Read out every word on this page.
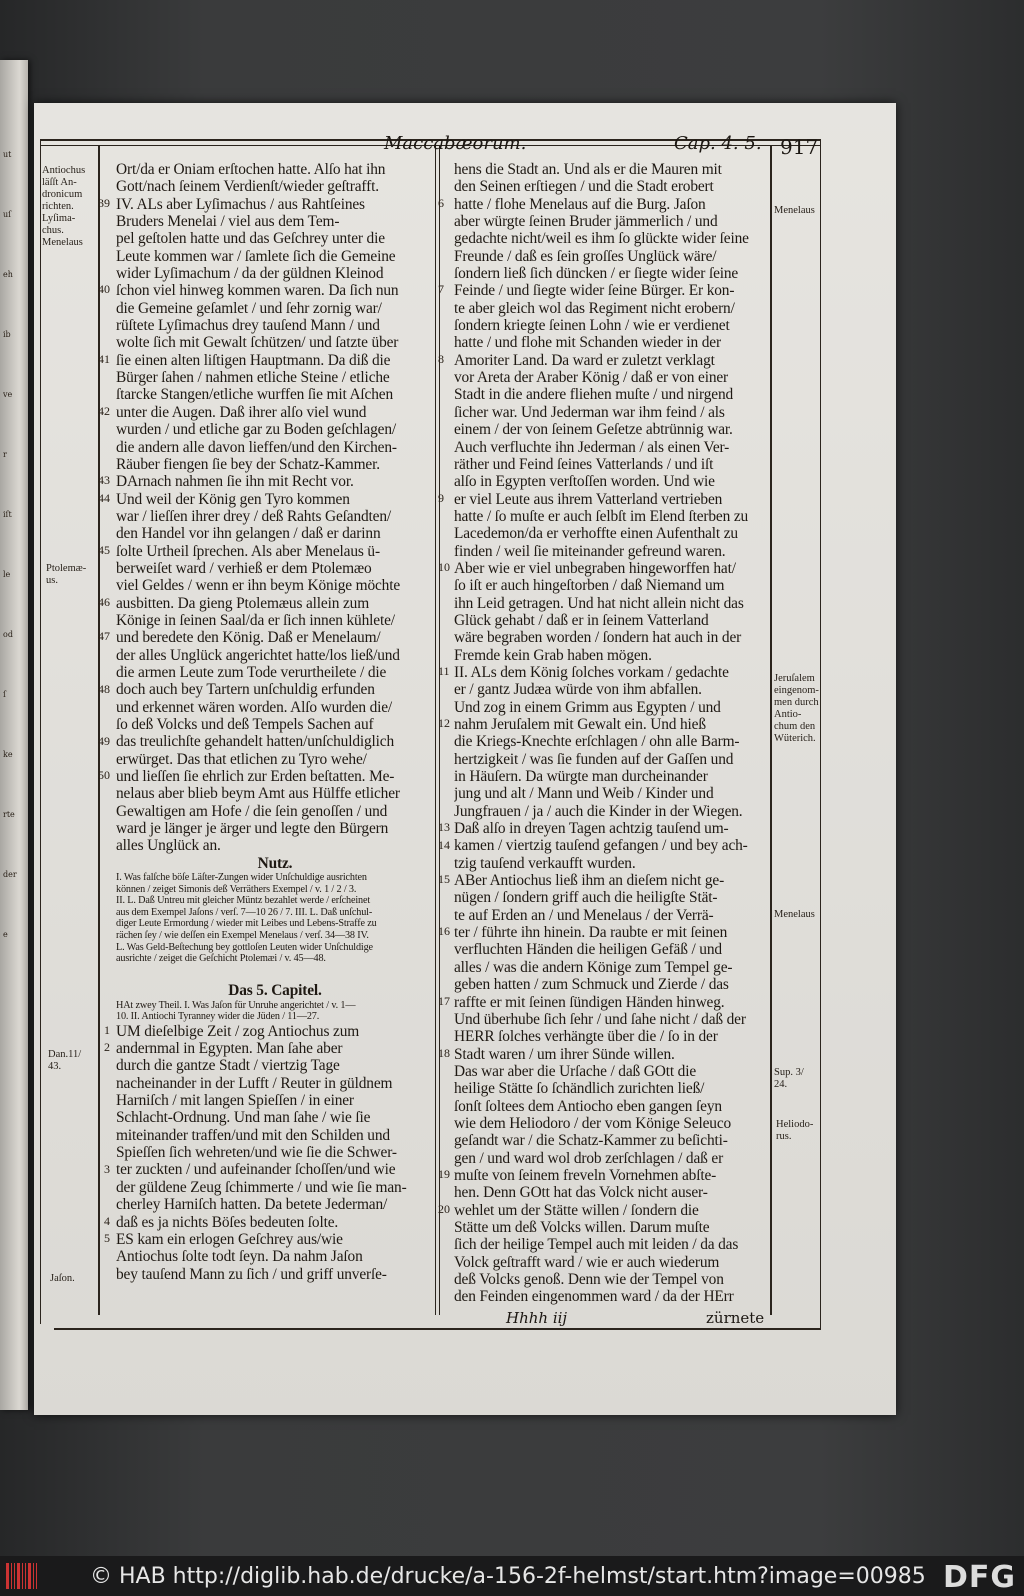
ut
uſ
eh
ib
ve
r
iſt
le
od
ſ
ke
rte
der
e
Maccabæorum.	Cap. 4. 5. 917
Antiochus
läſſt An-
dronicum
richten.
Lyſima-
chus.
Menelaus
Ptolemæ-
us.
Dan.11/
43.
Jaſon.
Menelaus
Jeruſalem
eingenom-
men durch
Antio-
chum den
Wüterich.
Menelaus
Sup. 3/
24.
Heliodo-
rus.
39
40
41
42
43
44
45
46
47
48
49
50
1
2
3
4
5
6
7
8
9
10
11
12
13
14
15
16
17
18
19
20
Ort/da er Oniam erſtochen hatte. Alſo hat ihn
Gott/nach ſeinem Verdienſt/wieder geſtrafft.
IV. ALs aber Lyſimachus / aus Rahtſeines
Bruders Menelai / viel aus dem Tem-
pel geſtolen hatte und das Geſchrey unter die
Leute kommen war / ſamlete ſich die Gemeine
wider Lyſimachum / da der güldnen Kleinod
ſchon viel hinweg kommen waren. Da ſich nun
die Gemeine geſamlet / und ſehr zornig war/
rüſtete Lyſimachus drey tauſend Mann / und
wolte ſich mit Gewalt ſchützen/ und ſatzte über
ſie einen alten liſtigen Hauptmann. Da diß die
Bürger ſahen / nahmen etliche Steine / etliche
ſtarcke Stangen/etliche wurffen ſie mit Aſchen
unter die Augen. Daß ihrer alſo viel wund
wurden / und etliche gar zu Boden geſchlagen/
die andern alle davon lieffen/und den Kirchen-
Räuber fiengen ſie bey der Schatz-Kammer.
DArnach nahmen ſie ihn mit Recht vor.
Und weil der König gen Tyro kommen
war / lieſſen ihrer drey / deß Rahts Geſandten/
den Handel vor ihn gelangen / daß er darinn
ſolte Urtheil ſprechen. Als aber Menelaus ü-
berweiſet ward / verhieß er dem Ptolemæo
viel Geldes / wenn er ihn beym Könige möchte
ausbitten. Da gieng Ptolemæus allein zum
Könige in ſeinen Saal/da er ſich innen kühlete/
und beredete den König. Daß er Menelaum/
der alles Unglück angerichtet hatte/los ließ/und
die armen Leute zum Tode verurtheilete / die
doch auch bey Tartern unſchuldig erfunden
und erkennet wären worden. Alſo wurden die/
ſo deß Volcks und deß Tempels Sachen auf
das treulichſte gehandelt hatten/unſchuldiglich
erwürget. Das that etlichen zu Tyro wehe/
und lieſſen ſie ehrlich zur Erden beſtatten. Me-
nelaus aber blieb beym Amt aus Hülffe etlicher
Gewaltigen am Hofe / die ſein genoſſen / und
ward je länger je ärger und legte den Bürgern
alles Unglück an.
Nutz.
I. Was falſche böſe Läſter-Zungen wider Unſchuldige ausrichten
können / zeiget Simonis deß Verräthers Exempel / v. 1 / 2 / 3.
II. L. Daß Untreu mit gleicher Müntz bezahlet werde / erſcheinet
aus dem Exempel Jaſons / verſ. 7—10 26 / 7. III. L. Daß unſchul-
diger Leute Ermordung / wieder mit Leibes und Lebens-Straffe zu
rächen ſey / wie deſſen ein Exempel Menelaus / verſ. 34—38 IV.
L. Was Geld-Beſtechung bey gottloſen Leuten wider Unſchuldige
ausrichte / zeiget die Geſchicht Ptolemæi / v. 45—48.
Das 5. Capitel.
HAt zwey Theil. I. Was Jaſon für Unruhe angerichtet / v. 1—
10. II. Antiochi Tyranney wider die Jüden / 11—27.
UM dieſelbige Zeit / zog Antiochus zum
andernmal in Egypten. Man ſahe aber
durch die gantze Stadt / viertzig Tage
nacheinander in der Lufft / Reuter in güldnem
Harniſch / mit langen Spieſſen / in einer
Schlacht-Ordnung. Und man ſahe / wie ſie
miteinander traffen/und mit den Schilden und
Spieſſen ſich wehreten/und wie ſie die Schwer-
ter zuckten / und aufeinander ſchoſſen/und wie
der güldene Zeug ſchimmerte / und wie ſie man-
cherley Harniſch hatten. Da betete Jederman/
daß es ja nichts Böſes bedeuten ſolte.
ES kam ein erlogen Geſchrey aus/wie
Antiochus ſolte todt ſeyn. Da nahm Jaſon
bey tauſend Mann zu ſich / und griff unverſe-
hens die Stadt an. Und als er die Mauren mit
den Seinen erſtiegen / und die Stadt erobert
hatte / flohe Menelaus auf die Burg. Jaſon
aber würgte ſeinen Bruder jämmerlich / und
gedachte nicht/weil es ihm ſo glückte wider ſeine
Freunde / daß es ſein groſſes Unglück wäre/
ſondern ließ ſich düncken / er ſiegte wider ſeine
Feinde / und ſiegte wider ſeine Bürger. Er kon-
te aber gleich wol das Regiment nicht erobern/
ſondern kriegte ſeinen Lohn / wie er verdienet
hatte / und flohe mit Schanden wieder in der
Amoriter Land. Da ward er zuletzt verklagt
vor Areta der Araber König / daß er von einer
Stadt in die andere fliehen muſte / und nirgend
ſicher war. Und Jederman war ihm feind / als
einem / der von ſeinem Geſetze abtrünnig war.
Auch verfluchte ihn Jederman / als einen Ver-
räther und Feind ſeines Vatterlands / und iſt
alſo in Egypten verſtoſſen worden. Und wie
er viel Leute aus ihrem Vatterland vertrieben
hatte / ſo muſte er auch ſelbſt im Elend ſterben zu
Lacedemon/da er verhoffte einen Aufenthalt zu
finden / weil ſie miteinander gefreund waren.
Aber wie er viel unbegraben hingeworffen hat/
ſo iſt er auch hingeſtorben / daß Niemand um
ihn Leid getragen. Und hat nicht allein nicht das
Glück gehabt / daß er in ſeinem Vatterland
wäre begraben worden / ſondern hat auch in der
Fremde kein Grab haben mögen.
II. ALs dem König ſolches vorkam / gedachte
er / gantz Judæa würde von ihm abfallen.
Und zog in einem Grimm aus Egypten / und
nahm Jeruſalem mit Gewalt ein. Und hieß
die Kriegs-Knechte erſchlagen / ohn alle Barm-
hertzigkeit / was ſie funden auf der Gaſſen und
in Häuſern. Da würgte man durcheinander
jung und alt / Mann und Weib / Kinder und
Jungfrauen / ja / auch die Kinder in der Wiegen.
Daß alſo in dreyen Tagen achtzig tauſend um-
kamen / viertzig tauſend gefangen / und bey ach-
tzig tauſend verkaufft wurden.
ABer Antiochus ließ ihm an dieſem nicht ge-
nügen / ſondern griff auch die heiligſte Stät-
te auf Erden an / und Menelaus / der Verrä-
ter / führte ihn hinein. Da raubte er mit ſeinen
verfluchten Händen die heiligen Gefäß / und
alles / was die andern Könige zum Tempel ge-
geben hatten / zum Schmuck und Zierde / das
raffte er mit ſeinen ſündigen Händen hinweg.
Und überhube ſich ſehr / und ſahe nicht / daß der
HERR ſolches verhängte über die / ſo in der
Stadt waren / um ihrer Sünde willen.
Das war aber die Urſache / daß GOtt die
heilige Stätte ſo ſchändlich zurichten ließ/
ſonſt ſoltees dem Antiocho eben gangen ſeyn
wie dem Heliodoro / der vom Könige Seleuco
geſandt war / die Schatz-Kammer zu beſichti-
gen / und ward wol drob zerſchlagen / daß er
muſte von ſeinem freveln Vornehmen abſte-
hen. Denn GOtt hat das Volck nicht auser-
wehlet um der Stätte willen / ſondern die
Stätte um deß Volcks willen. Darum muſte
ſich der heilige Tempel auch mit leiden / da das
Volck geſtrafft ward / wie er auch wiederum
deß Volcks genoß. Denn wie der Tempel von
den Feinden eingenommen ward / da der HErr
Hhhh iij	zürnete
© HAB http://diglib.hab.de/drucke/a-156-2f-helmst/start.htm?image=00985 DFG
